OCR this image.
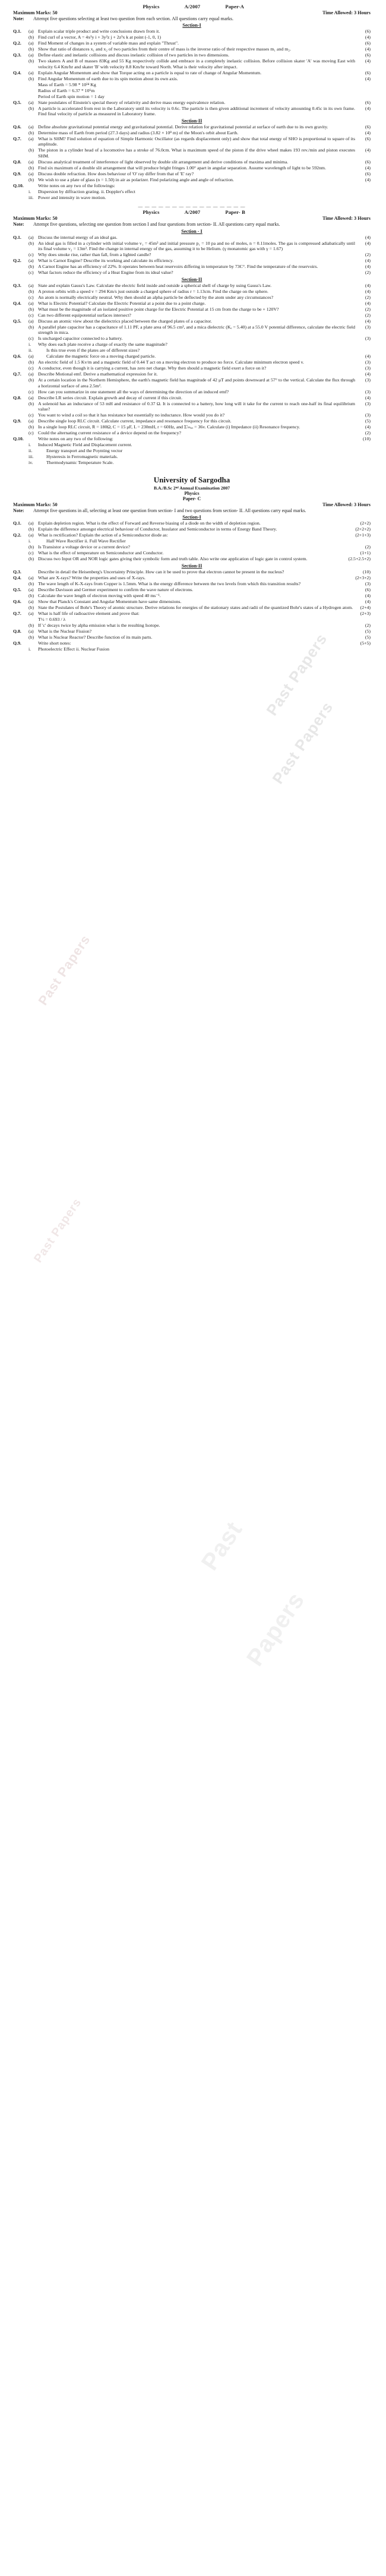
Past Papers
Past Papers
Past Papers
Past
Papers
Past Papers
Physics	A/2007	Paper-A
Maximum Marks: 50	Time Allowed: 3 Hours
Note:	Attempt five questions selecting at least two question from each section. All questions carry equal marks.
Section-I
Q.1.	(a) Explain scalar triple product and write conclusions drawn from it.	(6)
(b) Find curl of a vector, A = 4x²y i + 3y²z j + 2z³x k at point (-1, 0, 1)	(4)
Q.2.	(a) Find Moment of changes in a system of variable mass and explain "Thrust".	(6)
(b) Show that ratio of distances x₁ and x₂ of two particles from their centre of mass is the inverse ratio of their respective masses m₁ and m₂.	(4)
Q.3.	(a) Define elastic and inelastic collisions and discuss inelastic collision of two particles in two dimensions.	(6)
(b) Two skaters A and B of masses 83Kg and 55 Kg respectively collide and embrace in a completely inelastic collision. Before collision skater 'A' was moving East with velocity 6.4 Km/hr and skater 'B' with velocity 8.8 Km/hr toward North. What is their velocity after impact.
(4)
Q.4.	(a) Explain Angular Momentum and show that Torque acting on a particle is equal to rate of change of Angular Momentum.	(6)
(b) Find Angular Momentum of earth due to its spin motion about its own axis.	(4)
Mass of Earth = 5.98 * 10²⁴ Kg
Radius of Earth = 6.37 * 10⁶m
Period of Earth spin motion = 1 day
Q.5.	(a) State postulates of Einstein's special theory of relativity and derive mass energy equivalence relation.	(6)
(b) A particle is accelerated from rest in the Laboratory until its velocity is 0.6c. The particle is then given additional increment of velocity amounting 0.45c in its own frame. Find final velocity of particle as measured in Laboratory frame.
(4)
Section-II
Q.6.	(a) Define absolute gravitational potential energy and gravitational potential. Derive relation for gravitational potential at surface of earth due to its own gravity.	(6)
(b) Determine mass of Earth from period (27.3 days) and radius (3.82 × 10⁸ m) of the Moon's orbit about Earth.	(4)
Q.7.	(a) What is SHM? Find solution of equation of Simple Harmonic Oscillator (as regards displacement only) and show that total energy of SHO is proportional to square of its amplitude.
(6)
(b) The piston in a cylinder head of a locomotive has a stroke of 76.0cm. What is maximum speed of the piston if the drive wheel makes 193 rev./min and piston executes SHM.
(4)
Q.8.	(a) Discuss analytical treatment of interference of light observed by double slit arrangement and derive conditions of maxima and minima.	(6)
(b) Find six maximum of a double slit arrangement that will produce bright fringes 1.00° apart in angular separation. Assume wavelength of light to be 592nm.	(4)
Q.9.	(a) Discuss double refraction. How does behaviour of 'O' ray differ from that of 'E' ray?	(6)
(b) We wish to use a plate of glass (n = 1.50) in air as polarizer. Find polarizing angle and angle of refraction.	(4)
Q.10.	Write notes on any two of the followings:
i.	Dispersion by diffraction grating. ii. Doppler's effect
iii. Power and intensity in wave motion.
— — — — — — — — — — — — — — — —
Physics	A/2007	Paper- B
Maximum Marks: 50	Time Allowed: 3 Hours
Note:	Attempt five questions, selecting one question from section I and four questions from section- II. All questions carry equal marks.
Section - I
Q.1.	(a) Discuss the internal energy of an ideal gas.	(4)
(b) An ideal gas is filled in a cylinder with initial volume v₁ = 45m³ and initial pressure p₁ = 10 pa and no of moles, n = 0.11moles. The gas is compressed adiabatically until its final volume v₂ = 13m³. Find the change in internal energy of the gas, assuming it to be Helium. (γ monatomic gas with γ = 1.67)
(4)
(c) Why does smoke rise, rather than fall, from a lighted candle?	(2)
Q.2.	(a) What is Carnot Engine? Describe its working and calculate its efficiency.	(4)
(b) A Carnot Engine has an efficiency of 22%. It operates between heat reservoirs differing in temperature by 73C°. Find the temperature of the reservoirs.	(4)
(c) What factors reduce the efficiency of a Heat Engine from its ideal value?	(2)
Section-II
Q.3.	(a) State and explain Gauss's Law. Calculate the electric field inside and outside a spherical shell of charge by using Gauss's Law.	(4)
(b) A proton orbits with a speed v = 294 Km/s just outside a charged sphere of radius r = 1.13cm. Find the charge on the sphere.	(4)
(c) An atom is normally electrically neutral. Why then should an alpha particle be deflected by the atom under any circumstances?	(2)
Q.4.	(a) What is Electric Potential? Calculate the Electric Potential at a point due to a point charge.	(4)
(b) What must be the magnitude of an isolated positive point charge for the Electric Potential at 15 cm from the charge to be + 120V?	(2)
(c) Can two different equipotential surfaces intersect?	(2)
Q.5.	(a) Discuss an atomic view about the dielectrics placed between the charged plates of a capacitor.	(4)
(b) A parallel plate capacitor has a capacitance of 1.11 PF, a plate area of 96.5 cm², and a mica dielectric (Kₑ = 5.40) at a 55.0 V potential difference, calculate the electric field strength in mica.
(3)
(c) Is uncharged capacitor connected to a battery.	(3)
i.	Why does each plate receive a charge of exactly the same magnitude?
ii.	Is this true even if the plates are of different sizes?
Q.6.	(a)	Calculate the magnetic force on a moving charged particle.	(4)
(b) An electric field of 1.5 Kv/m and a magnetic field of 0.44 T act on a moving electron to produce no force. Calculate minimum electron speed v.	(3)
(c) A conductor, even though it is carrying a current, has zero net charge. Why then should a magnetic field exert a force on it?	(3)
Q.7.	(a) Describe Motional emf. Derive a mathematical expression for it.	(4)
(b) At a certain location in the Northern Hemisphere, the earth's magnetic field has magnitude of 42 μT and points downward at 57° to the vertical. Calculate the flux through a horizontal surface of area 2.5m².
(3)
(c) How can you summarize in one statement all the ways of determining the direction of an induced emf?	(3)
Q.8.	(a) Describe LR series circuit. Explain growth and decay of current if this circuit.	(4)
(b) A solenoid has an inductance of 53 mH and resistance of 0.37 Ω. It is connected to a battery, how long will it take for the current to reach one-half its final equilibrium value?
(3)
(c) You want to wind a coil so that it has resistance but essentially no inductance. How would you do it?	(3)
Q.9.	(a) Describe single loop RLC circuit. Calculate current, impedance and resonance frequency for this circuit.	(5)
(b) In a single loop RLC circuit, R = 180Ω, C = 15 μF, L = 230mH, r = 60Hz, and Σ'ₘₐₓ = 36v. Calculate (i) Impedance (ii) Resonance frequency.	(4)
(c) Could the alternating current resistance of a device depend on the frequency?	(2)
Q.10.	Write notes on any two of the following:	(10)
i.	Induced Magnetic Field and Displacement current.
ii.	Energy transport and the Poynting vector
iii.	Hysteresis in Ferromagnetic materials.
iv.	Thermodynamic Temperature Scale.
University of Sargodha
B.A./B.Sc 2ⁿᵈ Annual Examination 2007
Physics
Paper- C
Maximum Marks: 50	Time Allowed: 3 Hours
Note:	Attempt five questions in all, selecting at least one question from section- I and two questions from section- II. All questions carry equal marks.
Section-I
Q.1.	(a) Explain depletion region. What is the effect of Forward and Reverse biasing of a diode on the width of depletion region.	(2+2)
(b) Explain the difference amongst electrical behaviour of Conductor, Insulator and Semiconductor in terms of Energy Band Theory.	(2+2+2)
Q.2.	(a) What is rectification? Explain the action of a Semiconductor diode as:	(2+1+3)
i.	Half Wave Rectifier ii. Full Wave Rectifier
(b) Is Transistor a voltage device or a current device?	(2)
(c) What is the effect of temperature on Semiconductor and Conductor.	(1+1)
(b) Discuss two Input OR and NOR logic gates giving their symbolic form and truth table. Also write one application of logic gate in control system.	(2.5+2.5+2)
Section-II
Q.3.	Describe in detail the Heisenberg's Uncertainty Principle. How can it be used to prove that electron cannot be present in the nucleus?	(10)
Q.4.	(a) What are X-rays? Write the properties and uses of X-rays.	(2+3+2)
(b) The wave length of K-X-rays from Copper is 1.5mm. What is the energy difference between the two levels from which this transition results?	(3)
Q.5.	(a) Describe Davisson and Germer experiment to confirm the wave nature of electrons.	(6)
(b) Calculate the wave length of electron moving with speed 40 ms⁻¹.	(4)
Q.6.	(a) Show that Planck's Constant and Angular Momentum have same dimensions.	(4)
(b) State the Postulates of Bohr's Theory of atomic structure. Derive relations for energies of the stationary states and radii of the quantized Bohr's states of a Hydrogen atom.	(2+4)
Q.7.	(a) What is half life of radioactive element and prove that:	(2+3)
T½ = 0.693 / λ
(b) If 'c' decays twice by alpha emission what is the resulting Isotope.	(2)
Q.8.	(a) What is the Nuclear Fission?	(5)
(b) What is Nuclear Reactor? Describe function of its main parts.	(5)
Q.9.	Write short notes:	(5+5)
i.	Photoelectric Effect ii. Nuclear Fusion
